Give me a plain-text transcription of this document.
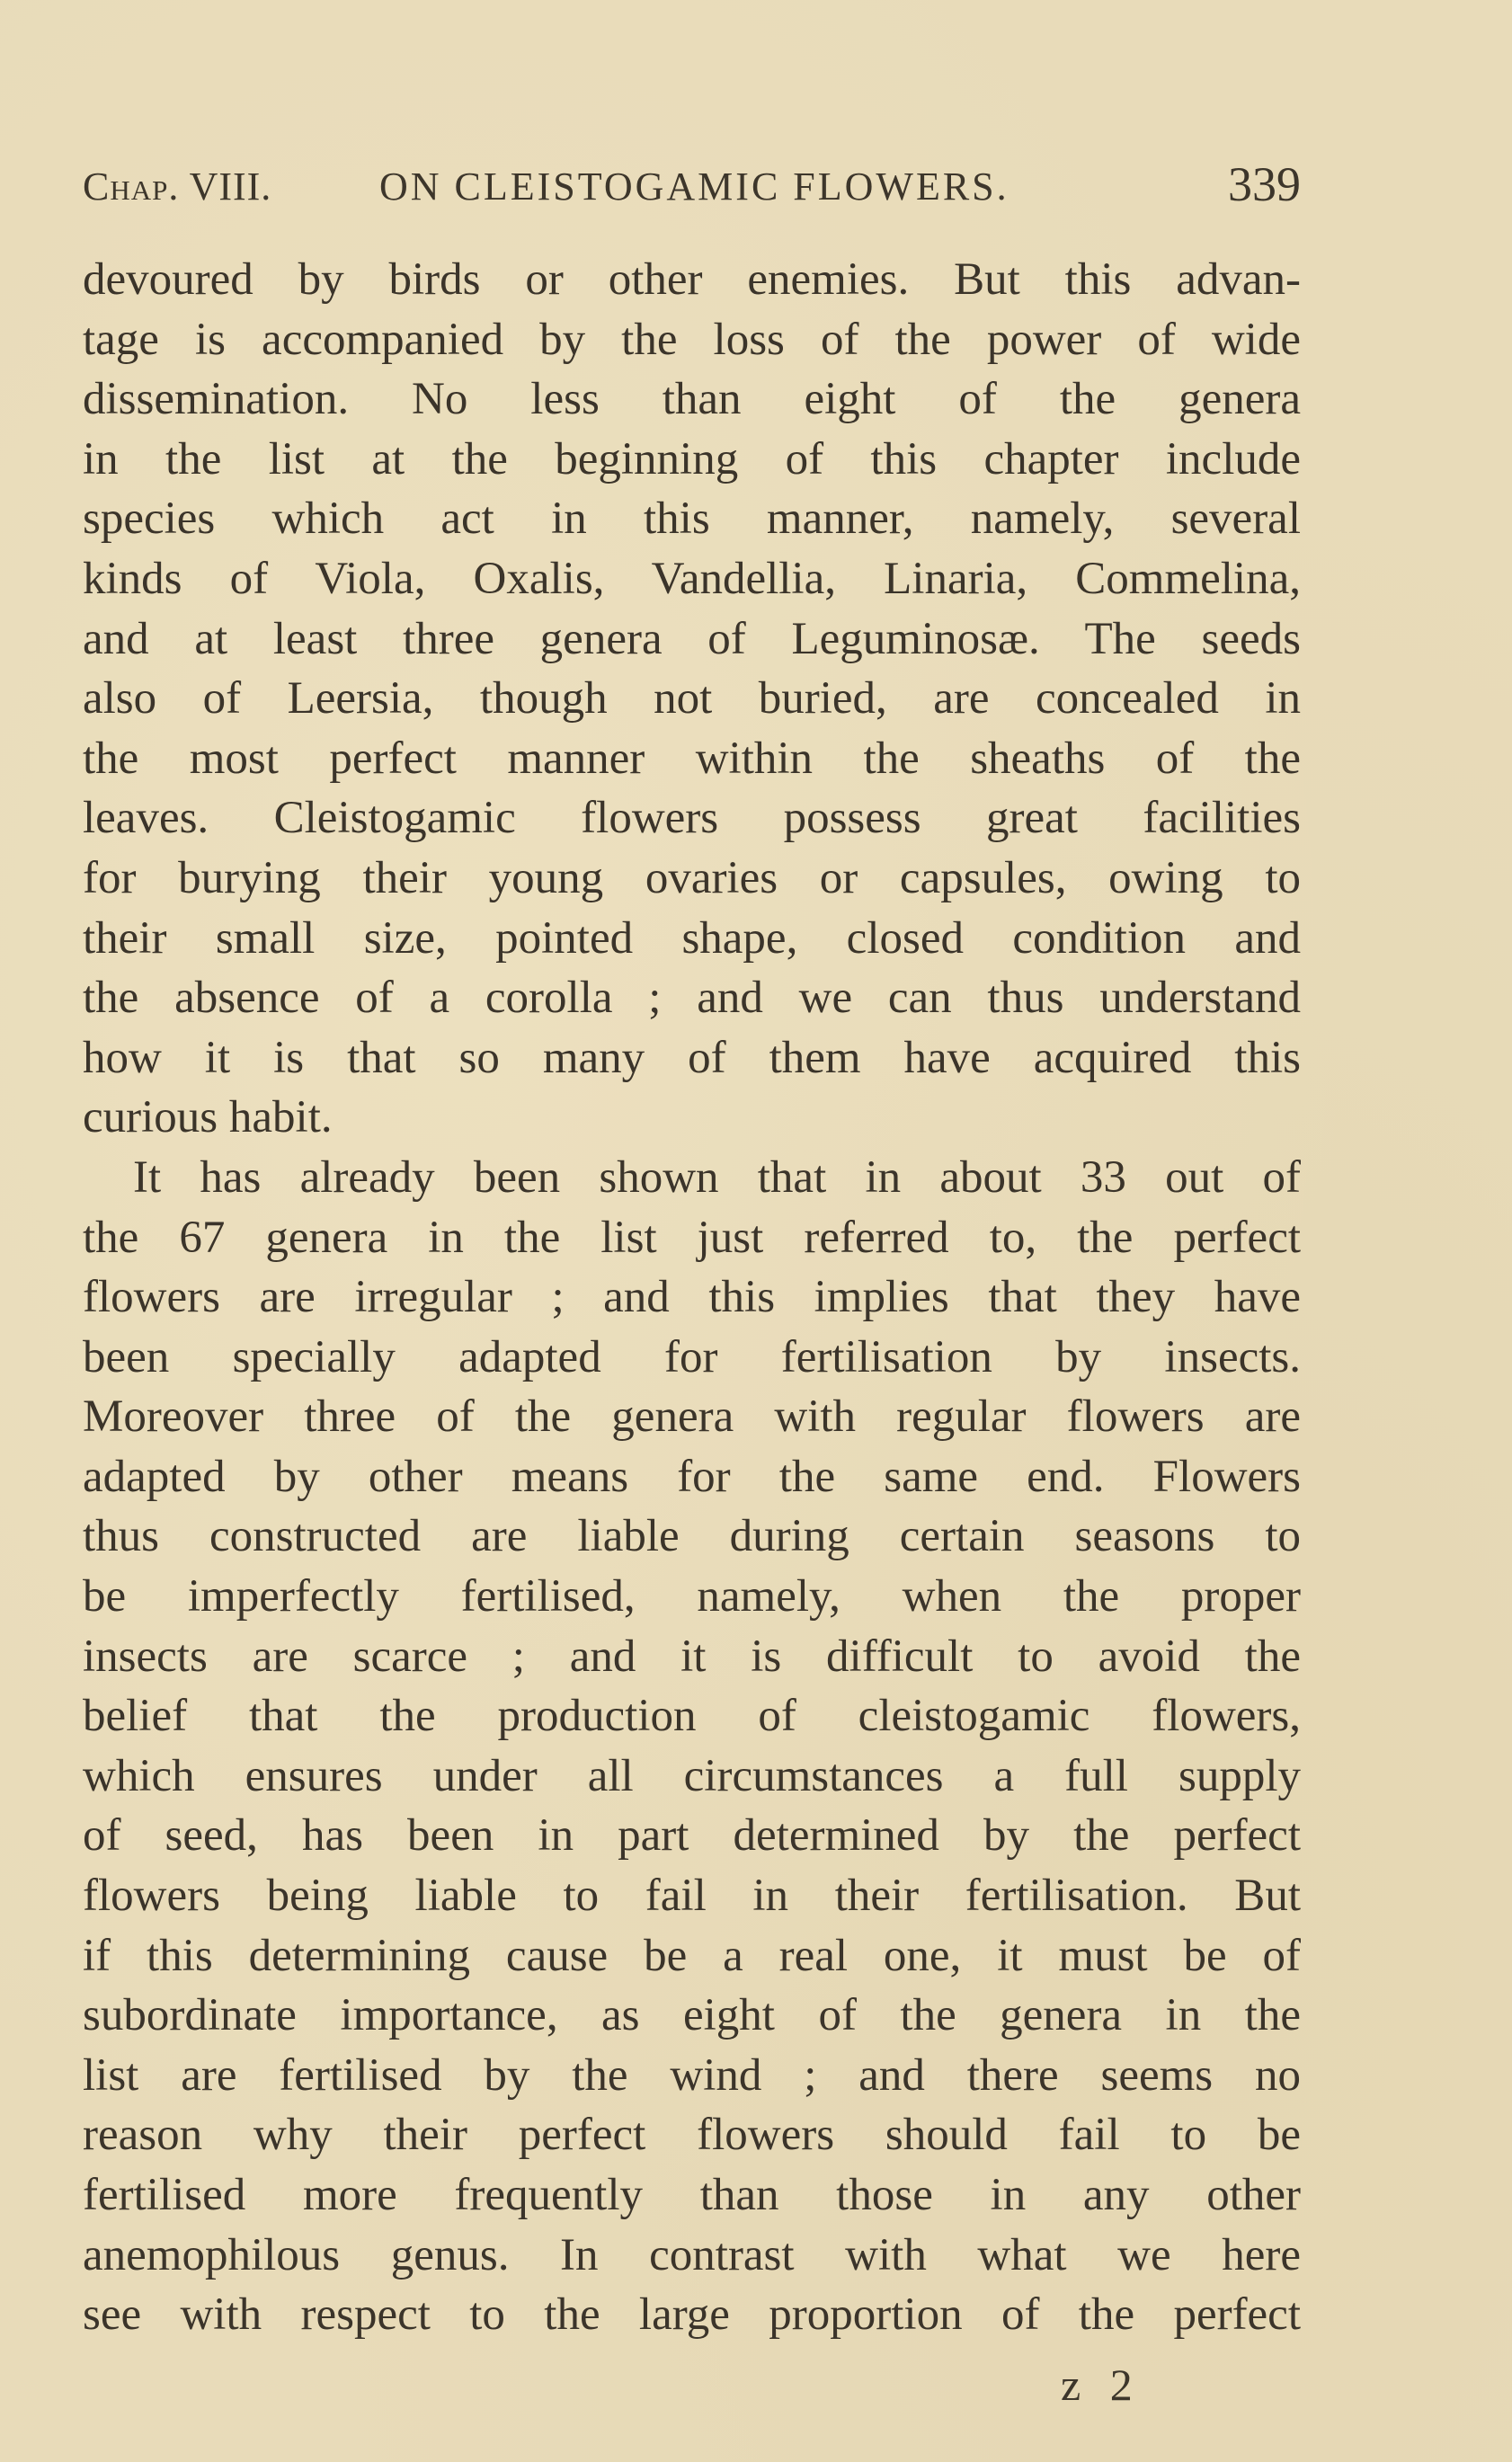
Chap. VIII.	ON CLEISTOGAMIC FLOWERS.	339
devoured by birds or other enemies. But this advan-
tage is accompanied by the loss of the power of wide
dissemination. No less than eight of the genera
in the list at the beginning of this chapter include
species which act in this manner, namely, several
kinds of Viola, Oxalis, Vandellia, Linaria, Commelina,
and at least three genera of Leguminosæ. The seeds
also of Leersia, though not buried, are concealed in
the most perfect manner within the sheaths of the
leaves. Cleistogamic flowers possess great facilities
for burying their young ovaries or capsules, owing to
their small size, pointed shape, closed condition and
the absence of a corolla ; and we can thus understand
how it is that so many of them have acquired this
curious habit.
It has already been shown that in about 33 out of
the 67 genera in the list just referred to, the perfect
flowers are irregular ; and this implies that they have
been specially adapted for fertilisation by insects.
Moreover three of the genera with regular flowers are
adapted by other means for the same end. Flowers
thus constructed are liable during certain seasons to
be imperfectly fertilised, namely, when the proper
insects are scarce ; and it is difficult to avoid the
belief that the production of cleistogamic flowers,
which ensures under all circumstances a full supply
of seed, has been in part determined by the perfect
flowers being liable to fail in their fertilisation. But
if this determining cause be a real one, it must be of
subordinate importance, as eight of the genera in the
list are fertilised by the wind ; and there seems no
reason why their perfect flowers should fail to be
fertilised more frequently than those in any other
anemophilous genus. In contrast with what we here
see with respect to the large proportion of the perfect
z 2
